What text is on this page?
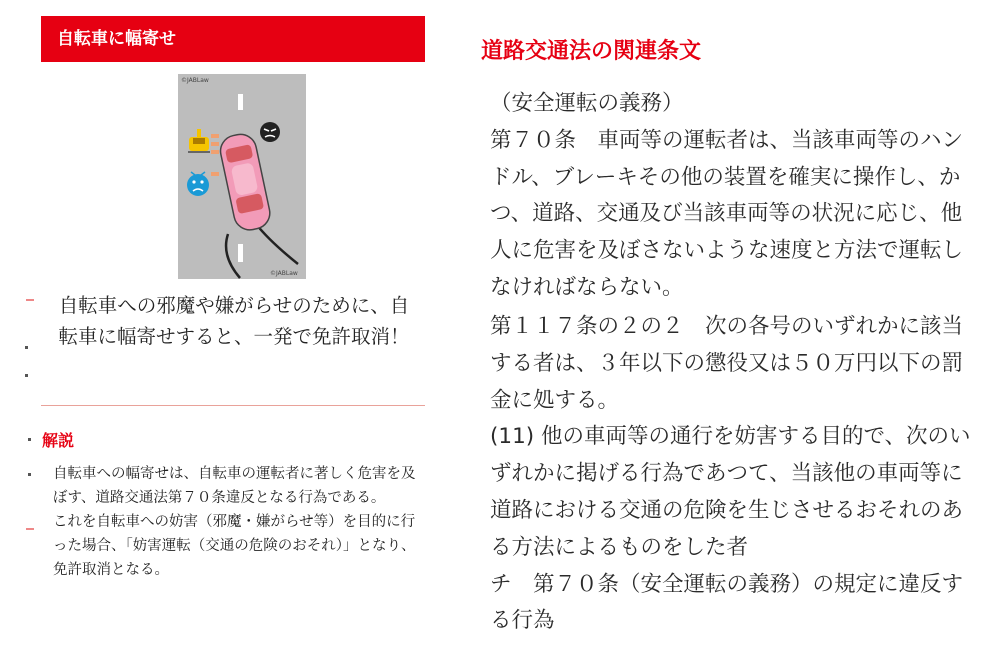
自転車に幅寄せ
©JABLaw
©JABLaw
自転車への邪魔や嫌がらせのために、自転車に幅寄せすると、一発で免許取消！
解説

自転車への幅寄せは、自転車の運転者に著しく危害を及ぼす、道路交通法第７０条違反となる行為である。

これを自転車への妨害（邪魔・嫌がらせ等）を目的に行った場合、「妨害運転（交通の危険のおそれ）」となり、免許取消となる。

道路交通法の関連条文

（安全運転の義務）

第７０条　車両等の運転者は、当該車両等のハンドル、ブレーキその他の装置を確実に操作し、かつ、道路、交通及び当該車両等の状況に応じ、他人に危害を及ぼさないような速度と方法で運転しなければならない。

第１１７条の２の２　次の各号のいずれかに該当する者は、３年以下の懲役又は５０万円以下の罰金に処する。

(11) 他の車両等の通行を妨害する目的で、次のいずれかに掲げる行為であつて、当該他の車両等に道路における交通の危険を生じさせるおそれのある方法によるものをした者

チ　第７０条（安全運転の義務）の規定に違反する行為
